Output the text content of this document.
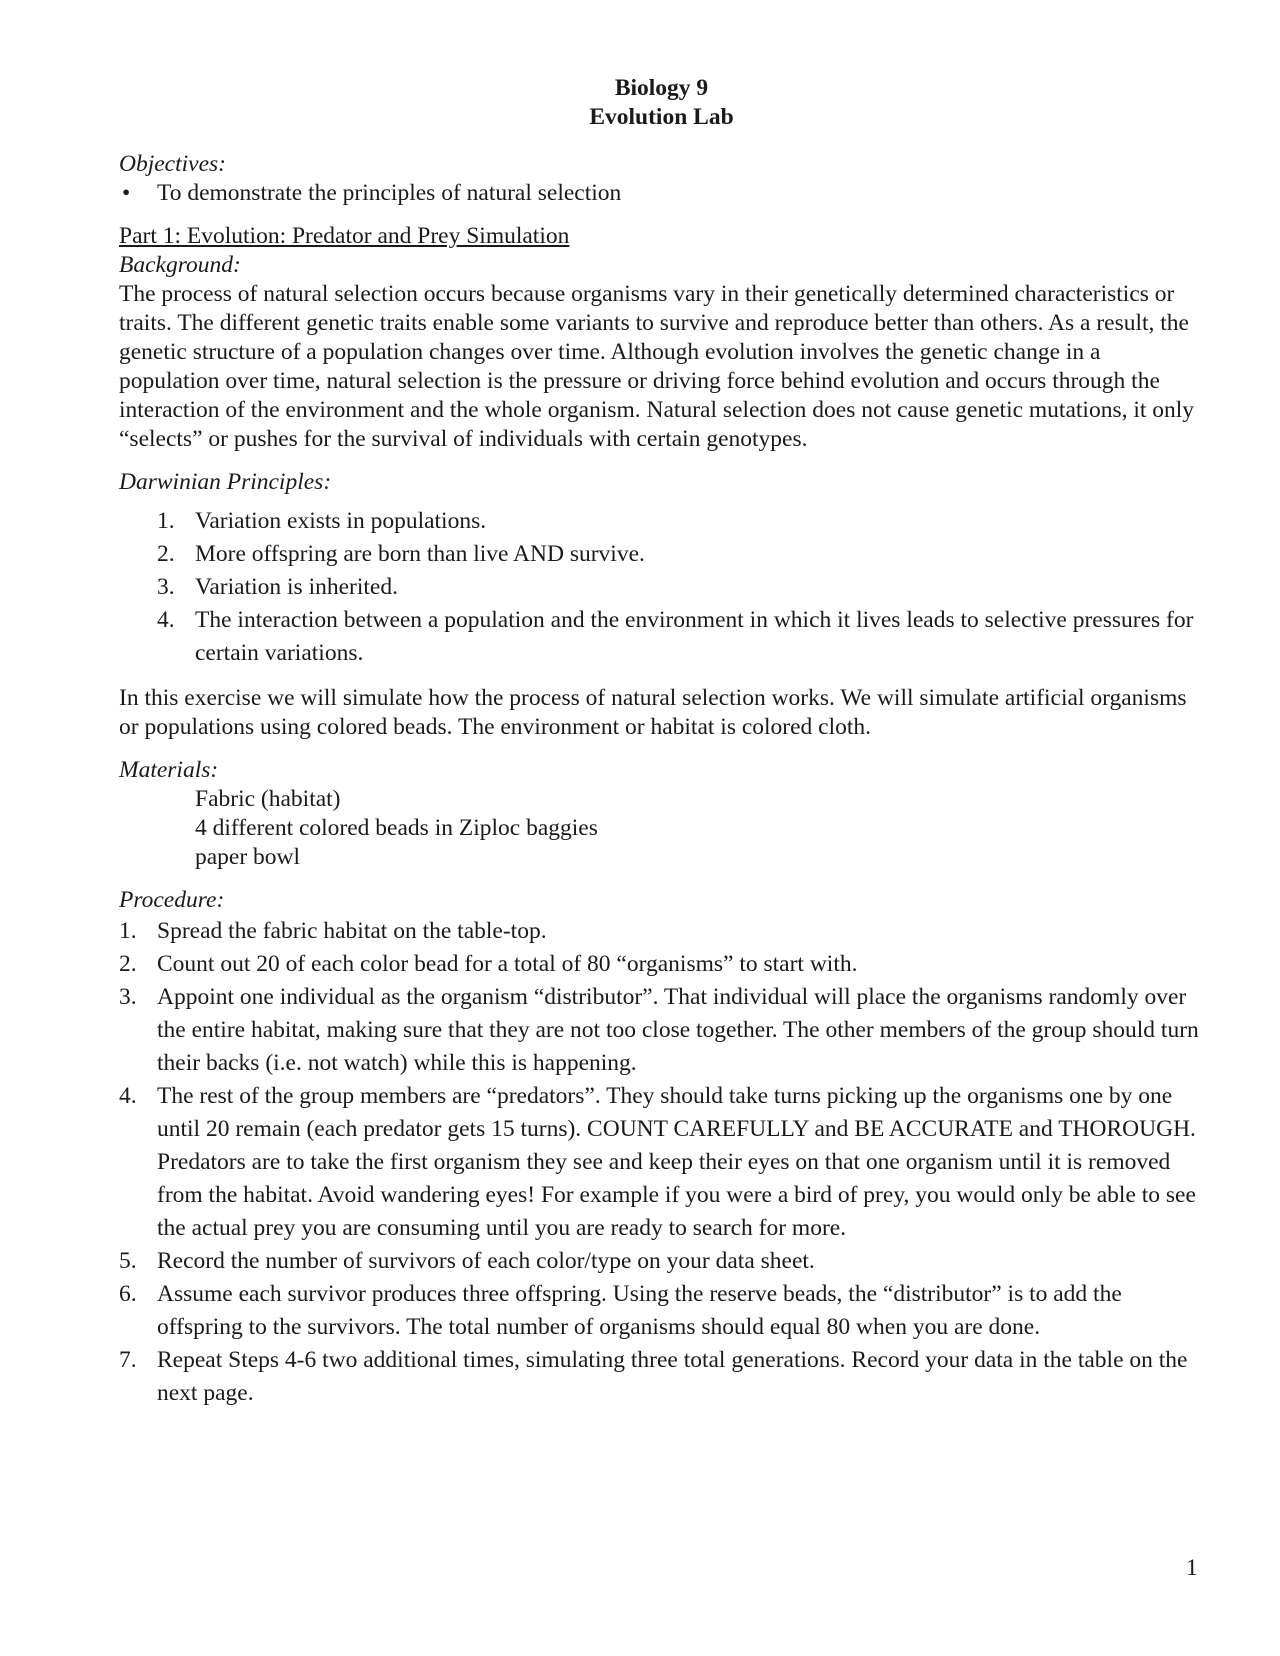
Biology 9
Evolution Lab

Objectives:

• To demonstrate the principles of natural selection

Part 1: Evolution: Predator and Prey Simulation

Background:

The process of natural selection occurs because organisms vary in their genetically determined characteristics or traits. The different genetic traits enable some variants to survive and reproduce better than others. As a result, the genetic structure of a population changes over time. Although evolution involves the genetic change in a population over time, natural selection is the pressure or driving force behind evolution and occurs through the interaction of the environment and the whole organism. Natural selection does not cause genetic mutations, it only “selects” or pushes for the survival of individuals with certain genotypes.

Darwinian Principles:

1. Variation exists in populations.
2. More offspring are born than live AND survive.
3. Variation is inherited.
4. The interaction between a population and the environment in which it lives leads to selective pressures for certain variations.

In this exercise we will simulate how the process of natural selection works. We will simulate artificial organisms or populations using colored beads. The environment or habitat is colored cloth.

Materials:

Fabric (habitat)
4 different colored beads in Ziploc baggies
paper bowl

Procedure:

1. Spread the fabric habitat on the table-top.
2. Count out 20 of each color bead for a total of 80 “organisms” to start with.
3. Appoint one individual as the organism “distributor”. That individual will place the organisms randomly over the entire habitat, making sure that they are not too close together. The other members of the group should turn their backs (i.e. not watch) while this is happening.
4. The rest of the group members are “predators”. They should take turns picking up the organisms one by one until 20 remain (each predator gets 15 turns). COUNT CAREFULLY and BE ACCURATE and THOROUGH. Predators are to take the first organism they see and keep their eyes on that one organism until it is removed from the habitat. Avoid wandering eyes! For example if you were a bird of prey, you would only be able to see the actual prey you are consuming until you are ready to search for more.
5. Record the number of survivors of each color/type on your data sheet.
6. Assume each survivor produces three offspring. Using the reserve beads, the “distributor” is to add the offspring to the survivors. The total number of organisms should equal 80 when you are done.
7. Repeat Steps 4-6 two additional times, simulating three total generations. Record your data in the table on the next page.
1
